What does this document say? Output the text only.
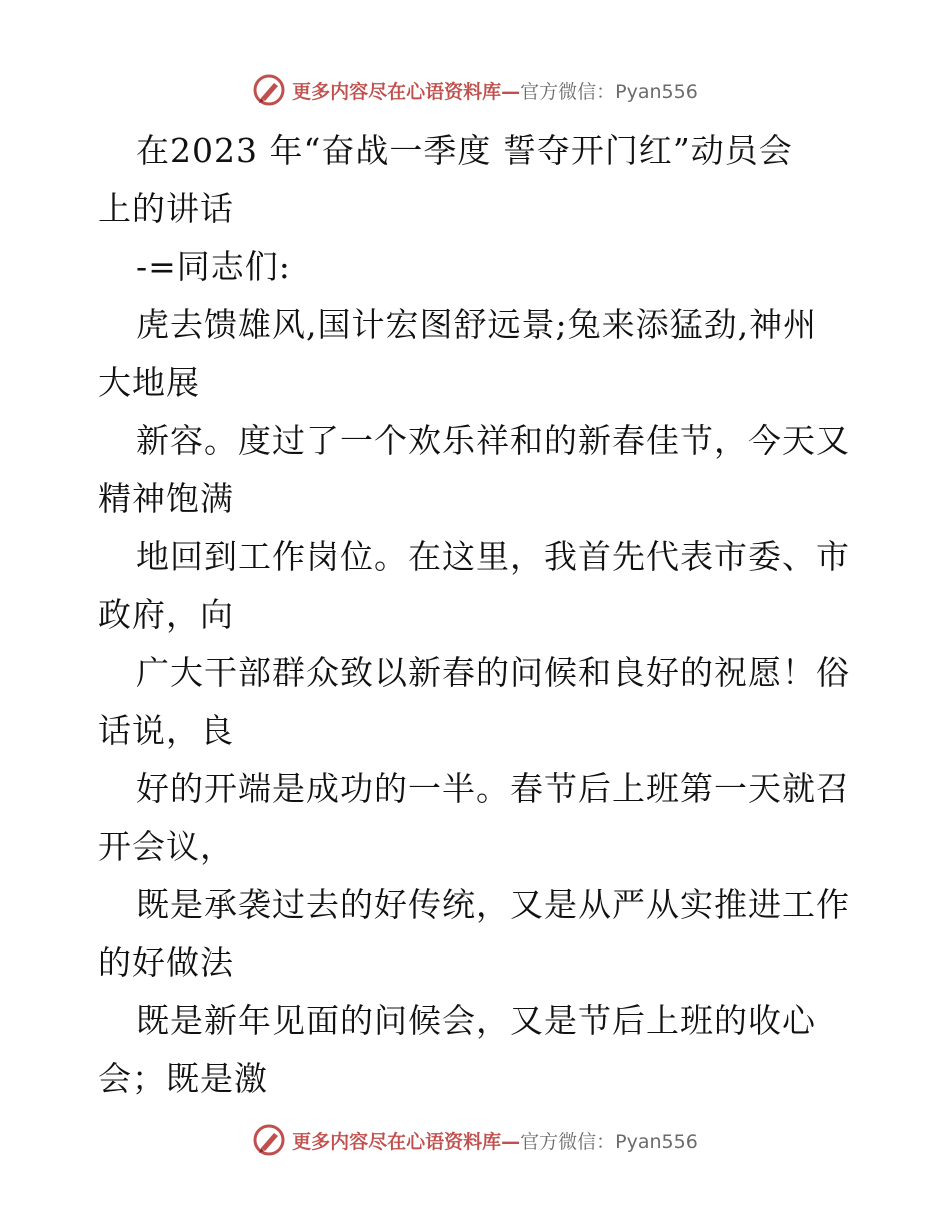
更多内容尽在心语资料库—官方微信：Pyan556
在2023 年“奋战一季度 誓夺开门红”动员会
上的讲话
-=同志们:
虎去馈雄风,国计宏图舒远景;兔来添猛劲,神州
大地展
新容。度过了一个欢乐祥和的新春佳节，今天又
精神饱满
地回到工作岗位。在这里，我首先代表市委、市
政府，向
广大干部群众致以新春的问候和良好的祝愿！俗
话说，良
好的开端是成功的一半。春节后上班第一天就召
开会议，
既是承袭过去的好传统，又是从严从实推进工作
的好做法
既是新年见面的问候会，又是节后上班的收心
会；既是激
更多内容尽在心语资料库—官方微信：Pyan556
